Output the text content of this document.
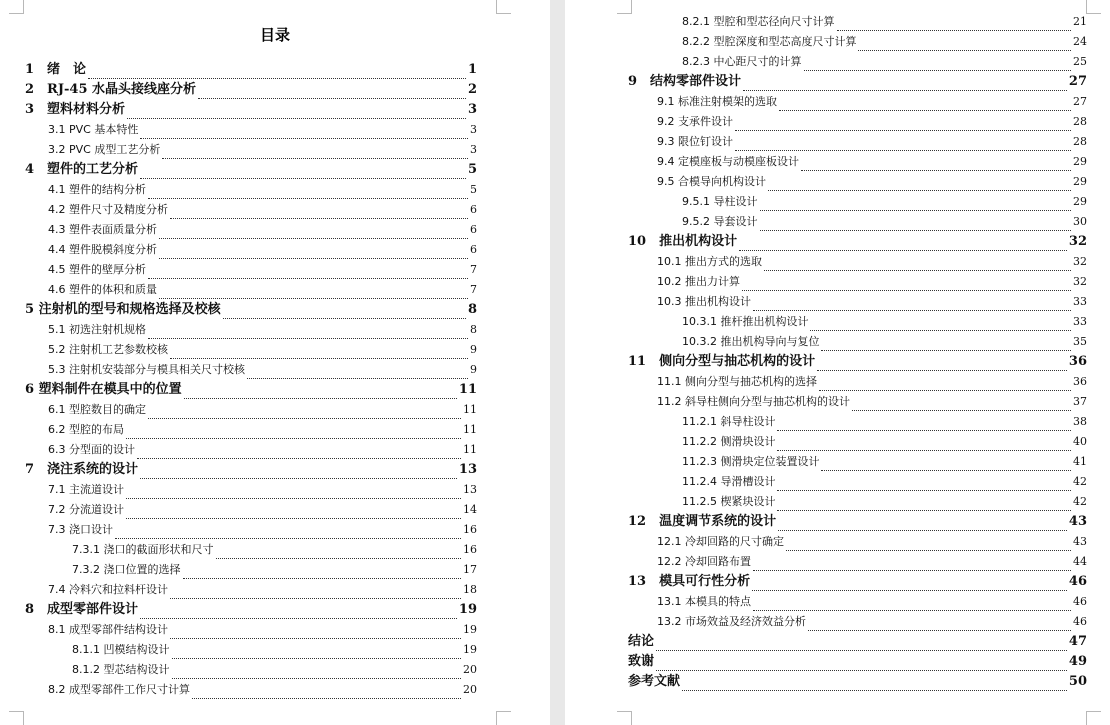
目录
1　绪　论	1
2　RJ-45 水晶头接线座分析	2
3　塑料材料分析	3
3.1 PVC 基本特性	3
3.2 PVC 成型工艺分析	3
4　塑件的工艺分析	5
4.1 塑件的结构分析	5
4.2 塑件尺寸及精度分析	6
4.3 塑件表面质量分析	6
4.4 塑件脱模斜度分析	6
4.5 塑件的壁厚分析	7
4.6 塑件的体积和质量	7
5 注射机的型号和规格选择及校核	8
5.1 初选注射机规格	8
5.2 注射机工艺参数校核	9
5.3 注射机安装部分与模具相关尺寸校核	9
6 塑料制件在模具中的位置	11
6.1 型腔数目的确定	11
6.2 型腔的布局	11
6.3 分型面的设计	11
7　浇注系统的设计	13
7.1 主流道设计	13
7.2 分流道设计	14
7.3 浇口设计	16
7.3.1 浇口的截面形状和尺寸	16
7.3.2 浇口位置的选择	17
7.4 冷料穴和拉料杆设计	18
8　成型零部件设计	19
8.1 成型零部件结构设计	19
8.1.1 凹模结构设计	19
8.1.2 型芯结构设计	20
8.2 成型零部件工作尺寸计算	20
8.2.1 型腔和型芯径向尺寸计算	21
8.2.2 型腔深度和型芯高度尺寸计算	24
8.2.3 中心距尺寸的计算	25
9　结构零部件设计	27
9.1 标准注射模架的选取	27
9.2 支承件设计	28
9.3 限位钉设计	28
9.4 定模座板与动模座板设计	29
9.5 合模导向机构设计	29
9.5.1 导柱设计	29
9.5.2 导套设计	30
10　推出机构设计	32
10.1 推出方式的选取	32
10.2 推出力计算	32
10.3 推出机构设计	33
10.3.1 推杆推出机构设计	33
10.3.2 推出机构导向与复位	35
11　侧向分型与抽芯机构的设计	36
11.1 侧向分型与抽芯机构的选择	36
11.2 斜导柱侧向分型与抽芯机构的设计	37
11.2.1 斜导柱设计	38
11.2.2 侧滑块设计	40
11.2.3 侧滑块定位装置设计	41
11.2.4 导滑槽设计	42
11.2.5 楔紧块设计	42
12　温度调节系统的设计	43
12.1 冷却回路的尺寸确定	43
12.2 冷却回路布置	44
13　模具可行性分析	46
13.1 本模具的特点	46
13.2 市场效益及经济效益分析	46
结论	47
致谢	49
参考文献	50
